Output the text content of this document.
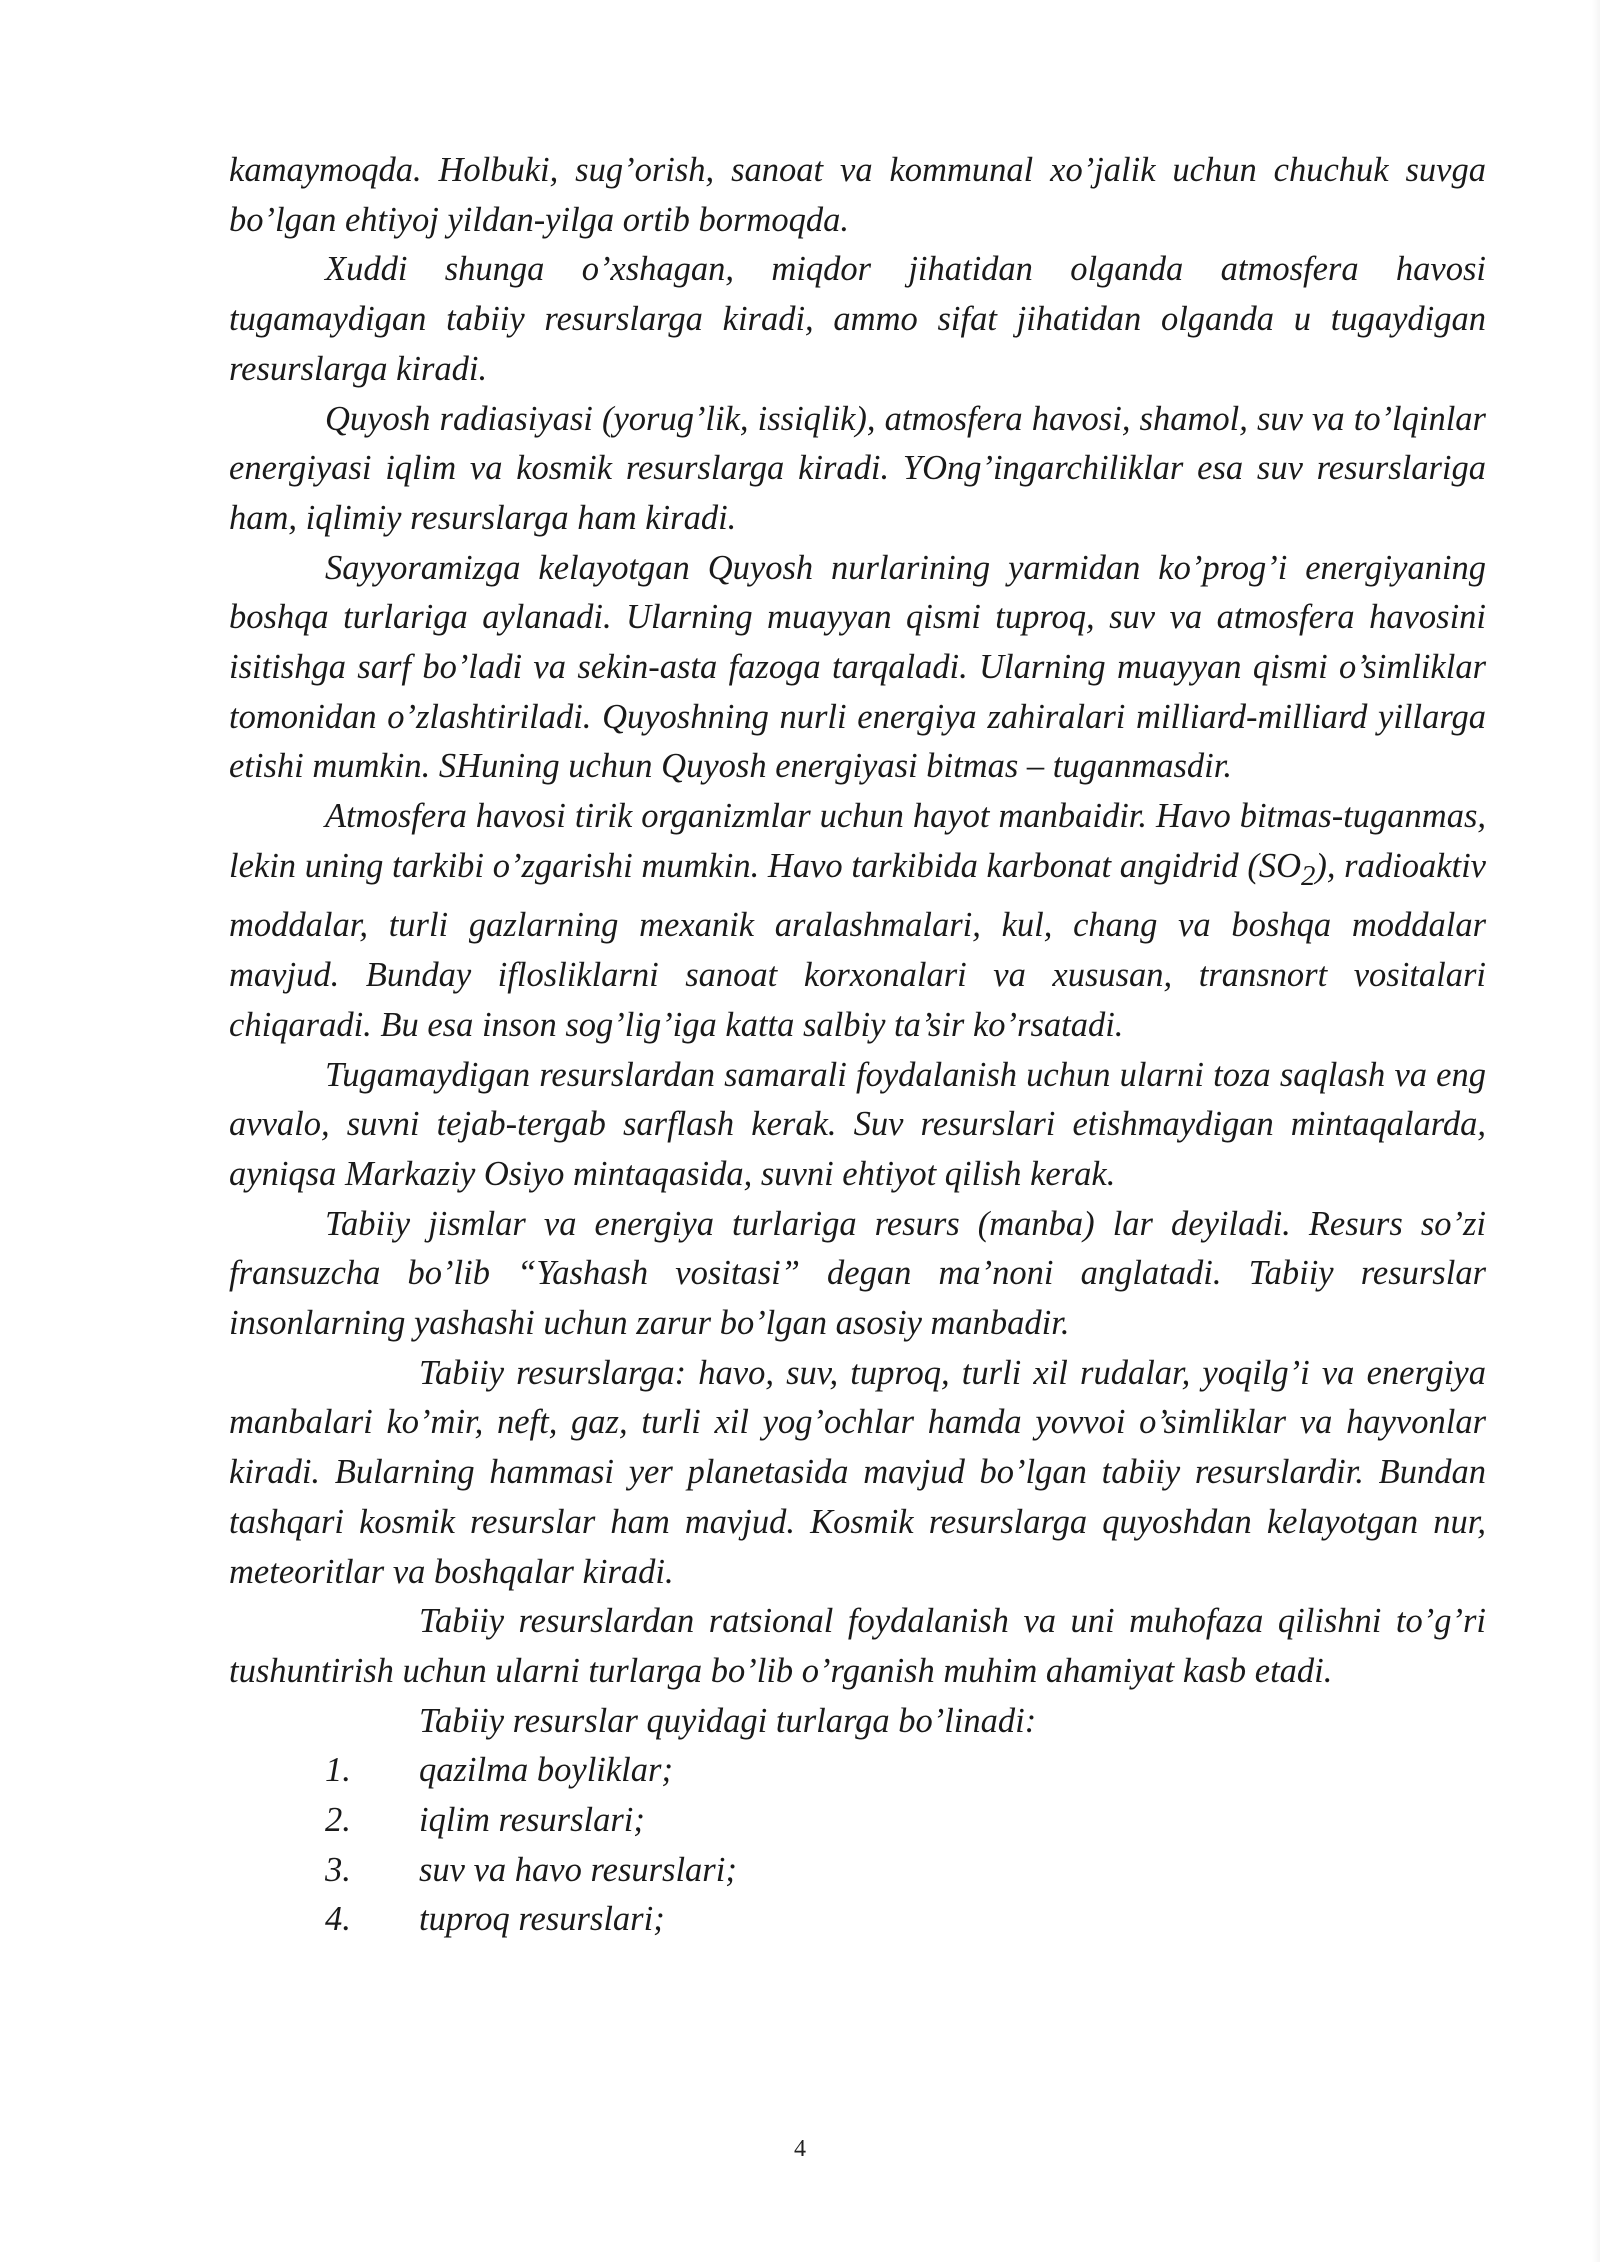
kamaymoqda. Holbuki, sug’orish, sanoat va kommunal xo’jalik uchun chuchuk suvga bo’lgan ehtiyoj yildan-yilga ortib bormoqda.

Xuddi shunga o’xshagan, miqdor jihatidan olganda atmosfera havosi tugamaydigan tabiiy resurslarga kiradi, ammo sifat jihatidan olganda u tugaydigan resurslarga kiradi.

Quyosh radiasiyasi (yorug’lik, issiqlik), atmosfera havosi, shamol, suv va to’lqinlar energiyasi iqlim va kosmik resurslarga kiradi. YOng’ingarchiliklar esa suv resurslariga ham, iqlimiy resurslarga ham kiradi.

Sayyoramizga kelayotgan Quyosh nurlarining yarmidan ko’prog’i energiyaning boshqa turlariga aylanadi. Ularning muayyan qismi tuproq, suv va atmosfera havosini isitishga sarf bo’ladi va sekin-asta fazoga tarqaladi. Ularning muayyan qismi o’simliklar tomonidan o’zlashtiriladi. Quyoshning nurli energiya zahiralari milliard-milliard yillarga etishi mumkin. SHuning uchun Quyosh energiyasi bitmas – tuganmasdir.

Atmosfera havosi tirik organizmlar uchun hayot manbaidir. Havo bitmas-tuganmas, lekin uning tarkibi o’zgarishi mumkin. Havo tarkibida karbonat angidrid $(SO_2)$, radioaktiv moddalar, turli gazlarning mexanik aralashmalari, kul, chang va boshqa moddalar mavjud. Bunday iflosliklarni sanoat korxonalari va xususan, transnort vositalari chiqaradi. Bu esa inson sog’lig’iga katta salbiy ta’sir ko’rsatadi.

Tugamaydigan resurslardan samarali foydalanish uchun ularni toza saqlash va eng avvalo, suvni tejab-tergab sarflash kerak. Suv resurslari etishmaydigan mintaqalarda, ayniqsa Markaziy Osiyo mintaqasida, suvni ehtiyot qilish kerak.

Tabiiy jismlar va energiya turlariga resurs (manba) lar deyiladi. Resurs so’zi fransuzcha bo’lib “Yashash vositasi” degan ma’noni anglatadi. Tabiiy resurslar insonlarning yashashi uchun zarur bo’lgan asosiy manbadir.

Tabiiy resurslarga: havo, suv, tuproq, turli xil rudalar, yoqilg’i va energiya manbalari ko’mir, neft, gaz, turli xil yog’ochlar hamda yovvoi o’simliklar va hayvonlar kiradi. Bularning hammasi yer planetasida mavjud bo’lgan tabiiy resurslardir. Bundan tashqari kosmik resurslar ham mavjud. Kosmik resurslarga quyoshdan kelayotgan nur, meteoritlar va boshqalar kiradi.

Tabiiy resurslardan ratsional foydalanish va uni muhofaza qilishni to’g’ri tushuntirish uchun ularni turlarga bo’lib o’rganish muhim ahamiyat kasb etadi.

Tabiiy resurslar quyidagi turlarga bo’linadi:

1. qazilma boyliklar;
2. iqlim resurslari;
3. suv va havo resurslari;
4. tuproq resurslari;
4
